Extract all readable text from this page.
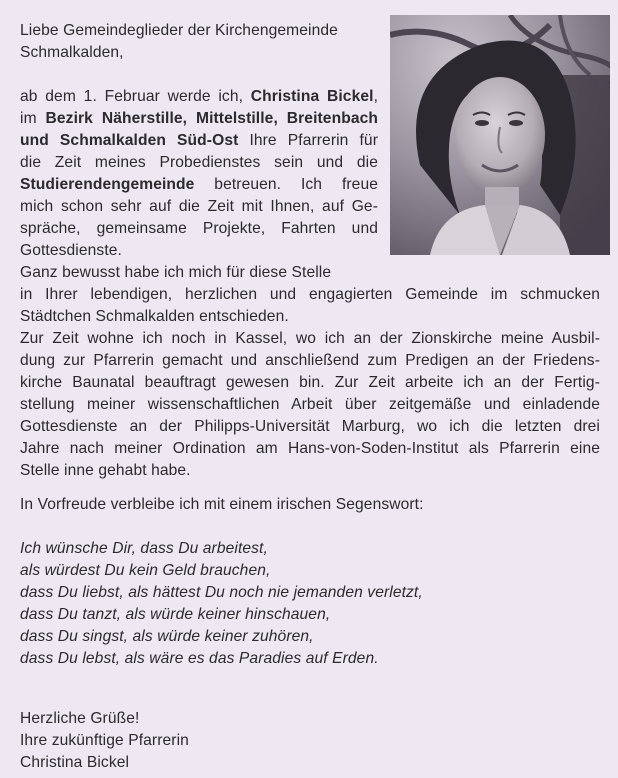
Liebe Gemeindeglieder der Kirchengemeinde
Schmalkalden,
ab dem 1. Februar werde ich, Christina Bickel,
im Bezirk Näherstille, Mittelstille, Breitenbach
und Schmalkalden Süd-Ost Ihre Pfarrerin für
die Zeit meines Probedienstes sein und die
Studierendengemeinde betreuen. Ich freue
mich schon sehr auf die Zeit mit Ihnen, auf Ge-
spräche, gemeinsame Projekte, Fahrten und
Gottesdienste.
Ganz bewusst habe ich mich für diese Stelle
in Ihrer lebendigen, herzlichen und engagierten Gemeinde im schmucken
Städtchen Schmalkalden entschieden.
Zur Zeit wohne ich noch in Kassel, wo ich an der Zionskirche meine Ausbil-
dung zur Pfarrerin gemacht und anschließend zum Predigen an der Friedens-
kirche Baunatal beauftragt gewesen bin. Zur Zeit arbeite ich an der Fertig-
stellung meiner wissenschaftlichen Arbeit über zeitgemäße und einladende
Gottesdienste an der Philipps-Universität Marburg, wo ich die letzten drei
Jahre nach meiner Ordination am Hans-von-Soden-Institut als Pfarrerin eine
Stelle inne gehabt habe.
In Vorfreude verbleibe ich mit einem irischen Segenswort:
Ich wünsche Dir, dass Du arbeitest,
als würdest Du kein Geld brauchen,
dass Du liebst, als hättest Du noch nie jemanden verletzt,
dass Du tanzt, als würde keiner hinschauen,
dass Du singst, als würde keiner zuhören,
dass Du lebst, als wäre es das Paradies auf Erden.
Herzliche Grüße!
Ihre zukünftige Pfarrerin
Christina Bickel
